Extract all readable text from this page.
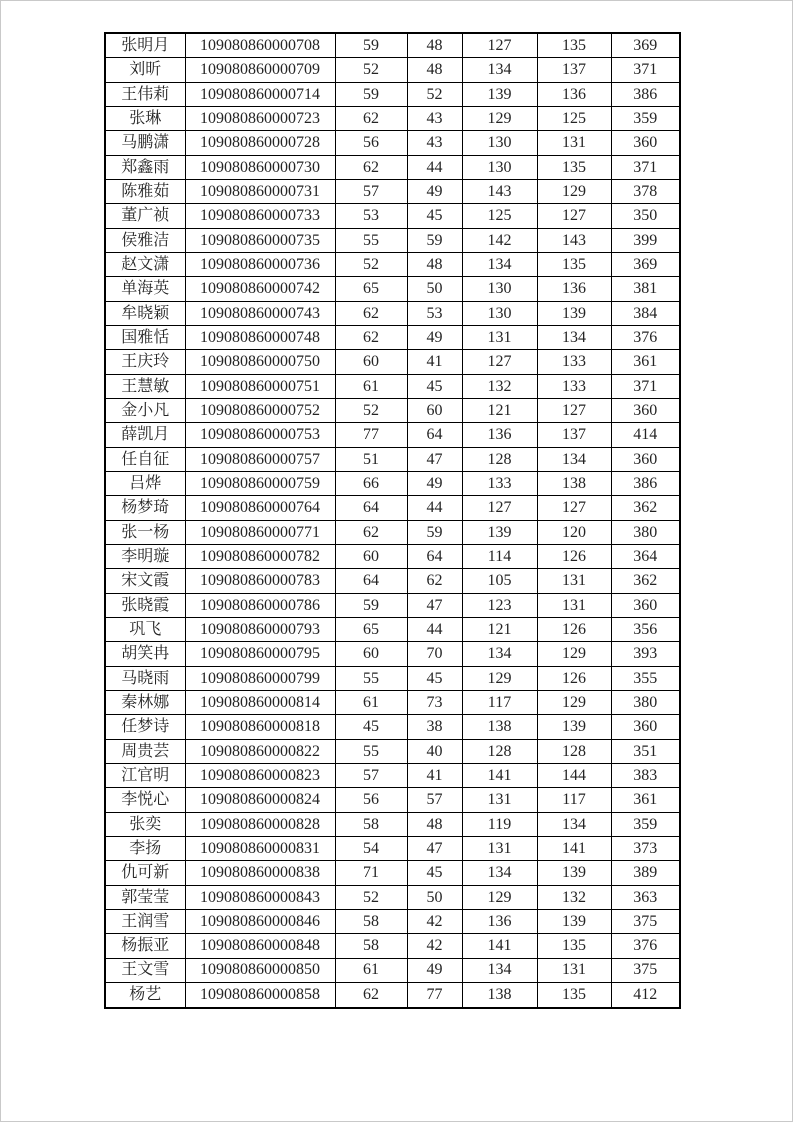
张明月	109080860000708	59	48	127	135	369
刘昕	109080860000709	52	48	134	137	371
王伟莉	109080860000714	59	52	139	136	386
张琳	109080860000723	62	43	129	125	359
马鹏潇	109080860000728	56	43	130	131	360
郑鑫雨	109080860000730	62	44	130	135	371
陈雅茹	109080860000731	57	49	143	129	378
董广祯	109080860000733	53	45	125	127	350
侯雅洁	109080860000735	55	59	142	143	399
赵文潇	109080860000736	52	48	134	135	369
单海英	109080860000742	65	50	130	136	381
牟晓颖	109080860000743	62	53	130	139	384
国雅恬	109080860000748	62	49	131	134	376
王庆玲	109080860000750	60	41	127	133	361
王慧敏	109080860000751	61	45	132	133	371
金小凡	109080860000752	52	60	121	127	360
薛凯月	109080860000753	77	64	136	137	414
任自征	109080860000757	51	47	128	134	360
吕烨	109080860000759	66	49	133	138	386
杨梦琦	109080860000764	64	44	127	127	362
张一杨	109080860000771	62	59	139	120	380
李明璇	109080860000782	60	64	114	126	364
宋文霞	109080860000783	64	62	105	131	362
张晓霞	109080860000786	59	47	123	131	360
巩飞	109080860000793	65	44	121	126	356
胡笑冉	109080860000795	60	70	134	129	393
马晓雨	109080860000799	55	45	129	126	355
秦林娜	109080860000814	61	73	117	129	380
任梦诗	109080860000818	45	38	138	139	360
周贵芸	109080860000822	55	40	128	128	351
江官明	109080860000823	57	41	141	144	383
李悦心	109080860000824	56	57	131	117	361
张奕	109080860000828	58	48	119	134	359
李扬	109080860000831	54	47	131	141	373
仇可新	109080860000838	71	45	134	139	389
郭莹莹	109080860000843	52	50	129	132	363
王润雪	109080860000846	58	42	136	139	375
杨振亚	109080860000848	58	42	141	135	376
王文雪	109080860000850	61	49	134	131	375
杨艺	109080860000858	62	77	138	135	412
